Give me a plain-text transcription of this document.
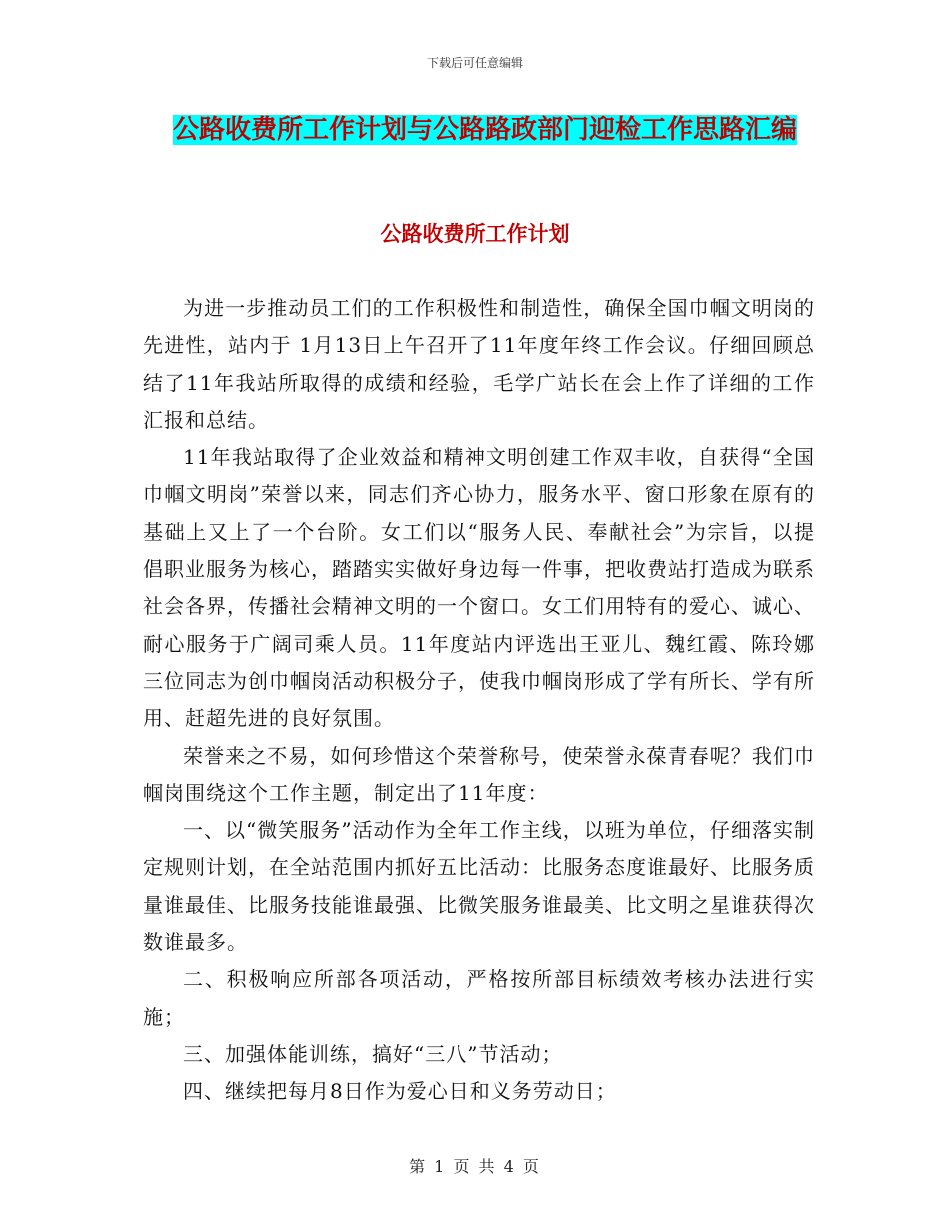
下载后可任意编辑
公路收费所工作计划与公路路政部门迎检工作思路汇编
公路收费所工作计划

为进一步推动员工们的工作积极性和制造性，确保全国巾帼文明岗的先进性，站内于 1月13日上午召开了11年度年终工作会议。仔细回顾总结了11年我站所取得的成绩和经验，毛学广站长在会上作了详细的工作汇报和总结。

11年我站取得了企业效益和精神文明创建工作双丰收，自获得“全国巾帼文明岗”荣誉以来，同志们齐心协力，服务水平、窗口形象在原有的基础上又上了一个台阶。女工们以“服务人民、奉献社会”为宗旨，以提倡职业服务为核心，踏踏实实做好身边每一件事，把收费站打造成为联系社会各界，传播社会精神文明的一个窗口。女工们用特有的爱心、诚心、耐心服务于广阔司乘人员。11年度站内评选出王亚儿、魏红霞、陈玲娜三位同志为创巾帼岗活动积极分子，使我巾帼岗形成了学有所长、学有所用、赶超先进的良好氛围。

荣誉来之不易，如何珍惜这个荣誉称号，使荣誉永葆青春呢？我们巾帼岗围绕这个工作主题，制定出了11年度：

一、以“微笑服务”活动作为全年工作主线，以班为单位，仔细落实制定规则计划，在全站范围内抓好五比活动：比服务态度谁最好、比服务质量谁最佳、比服务技能谁最强、比微笑服务谁最美、比文明之星谁获得次数谁最多。

二、积极响应所部各项活动，严格按所部目标绩效考核办法进行实施；

三、加强体能训练，搞好“三八”节活动；

四、继续把每月8日作为爱心日和义务劳动日；

第 1 页 共 4 页
